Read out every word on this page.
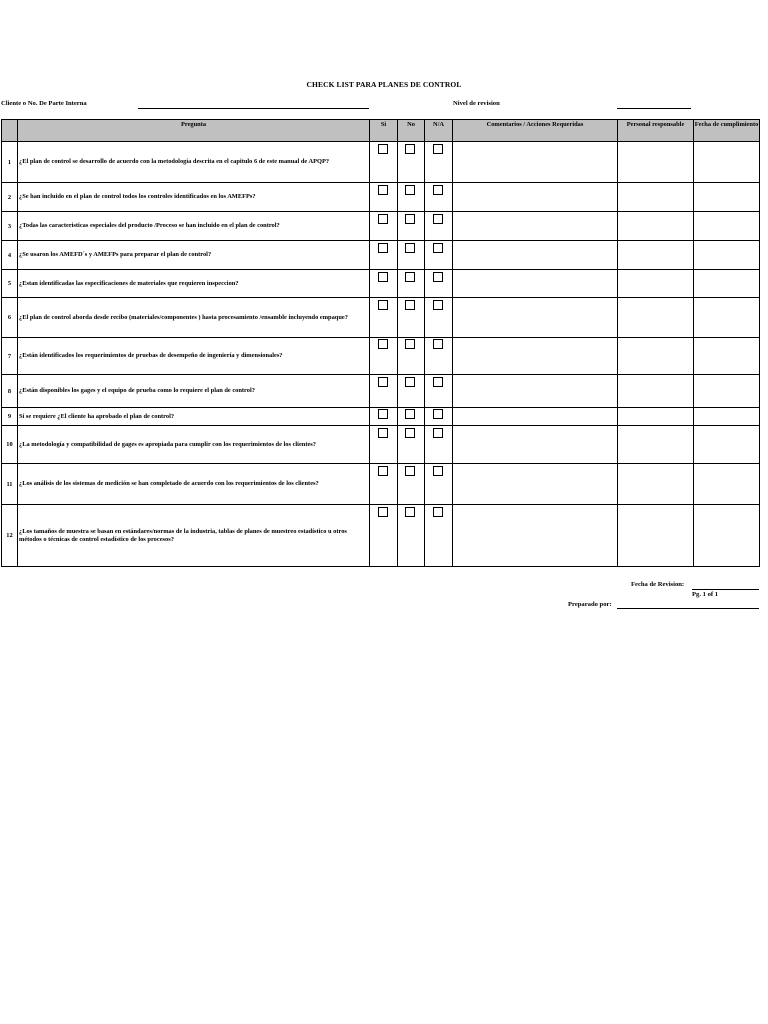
CHECK LIST PARA PLANES DE CONTROL
Cliente o No. De Parte Interna	Nivel de revision
	Pregunta	Si	No	N/A	Comentarios / Acciones Requeridas	Personal responsable	Fecha de cumplimiento
1	¿El plan de control se desarrollo de acuerdo con la metodología descrita en el capitulo 6 de este manual de APQP?	

2	¿Se han incluido en el plan de control todos los controles identificados en los AMEFPs?	

3	¿Todas las caracteristicas especiales del producto /Proceso se han incluido en el plan de control?	

4	¿Se usaron los AMEFD´s y AMEFPs para preparar el plan de control?	

5	¿Estan identificadas las especificaciones de materiales que requieren inspeccion?	

6	¿El plan de control aborda desde recibo (materiales/componentes ) hasta procesamiento /ensamble incluyendo empaque?	

7	¿Están identificados los requerimientos de pruebas de desempeño de ingeniería y dimensionales?	

8	¿Están disponibles los gages y el equipo de prueba como lo requiere el plan de control?	

9	Si se requiere ¿El cliente ha aprobado el plan de control?	

10	¿La metodología y compatibilidad de gages es apropiada para cumplir con los requerimientos de los clientes?	

11	¿Los análisis de los sistemas de medición se han completado de acuerdo con los requerimientos de los clientes?	

12	¿Los tamaños de muestra se basan en estándares/normas de la industria, tablas de planes de muestreo estadístico u otros métodos o técnicas de control estadístico de los procesos?	

Fecha de Revision:
Pg. 1 of 1
Preparado por:
